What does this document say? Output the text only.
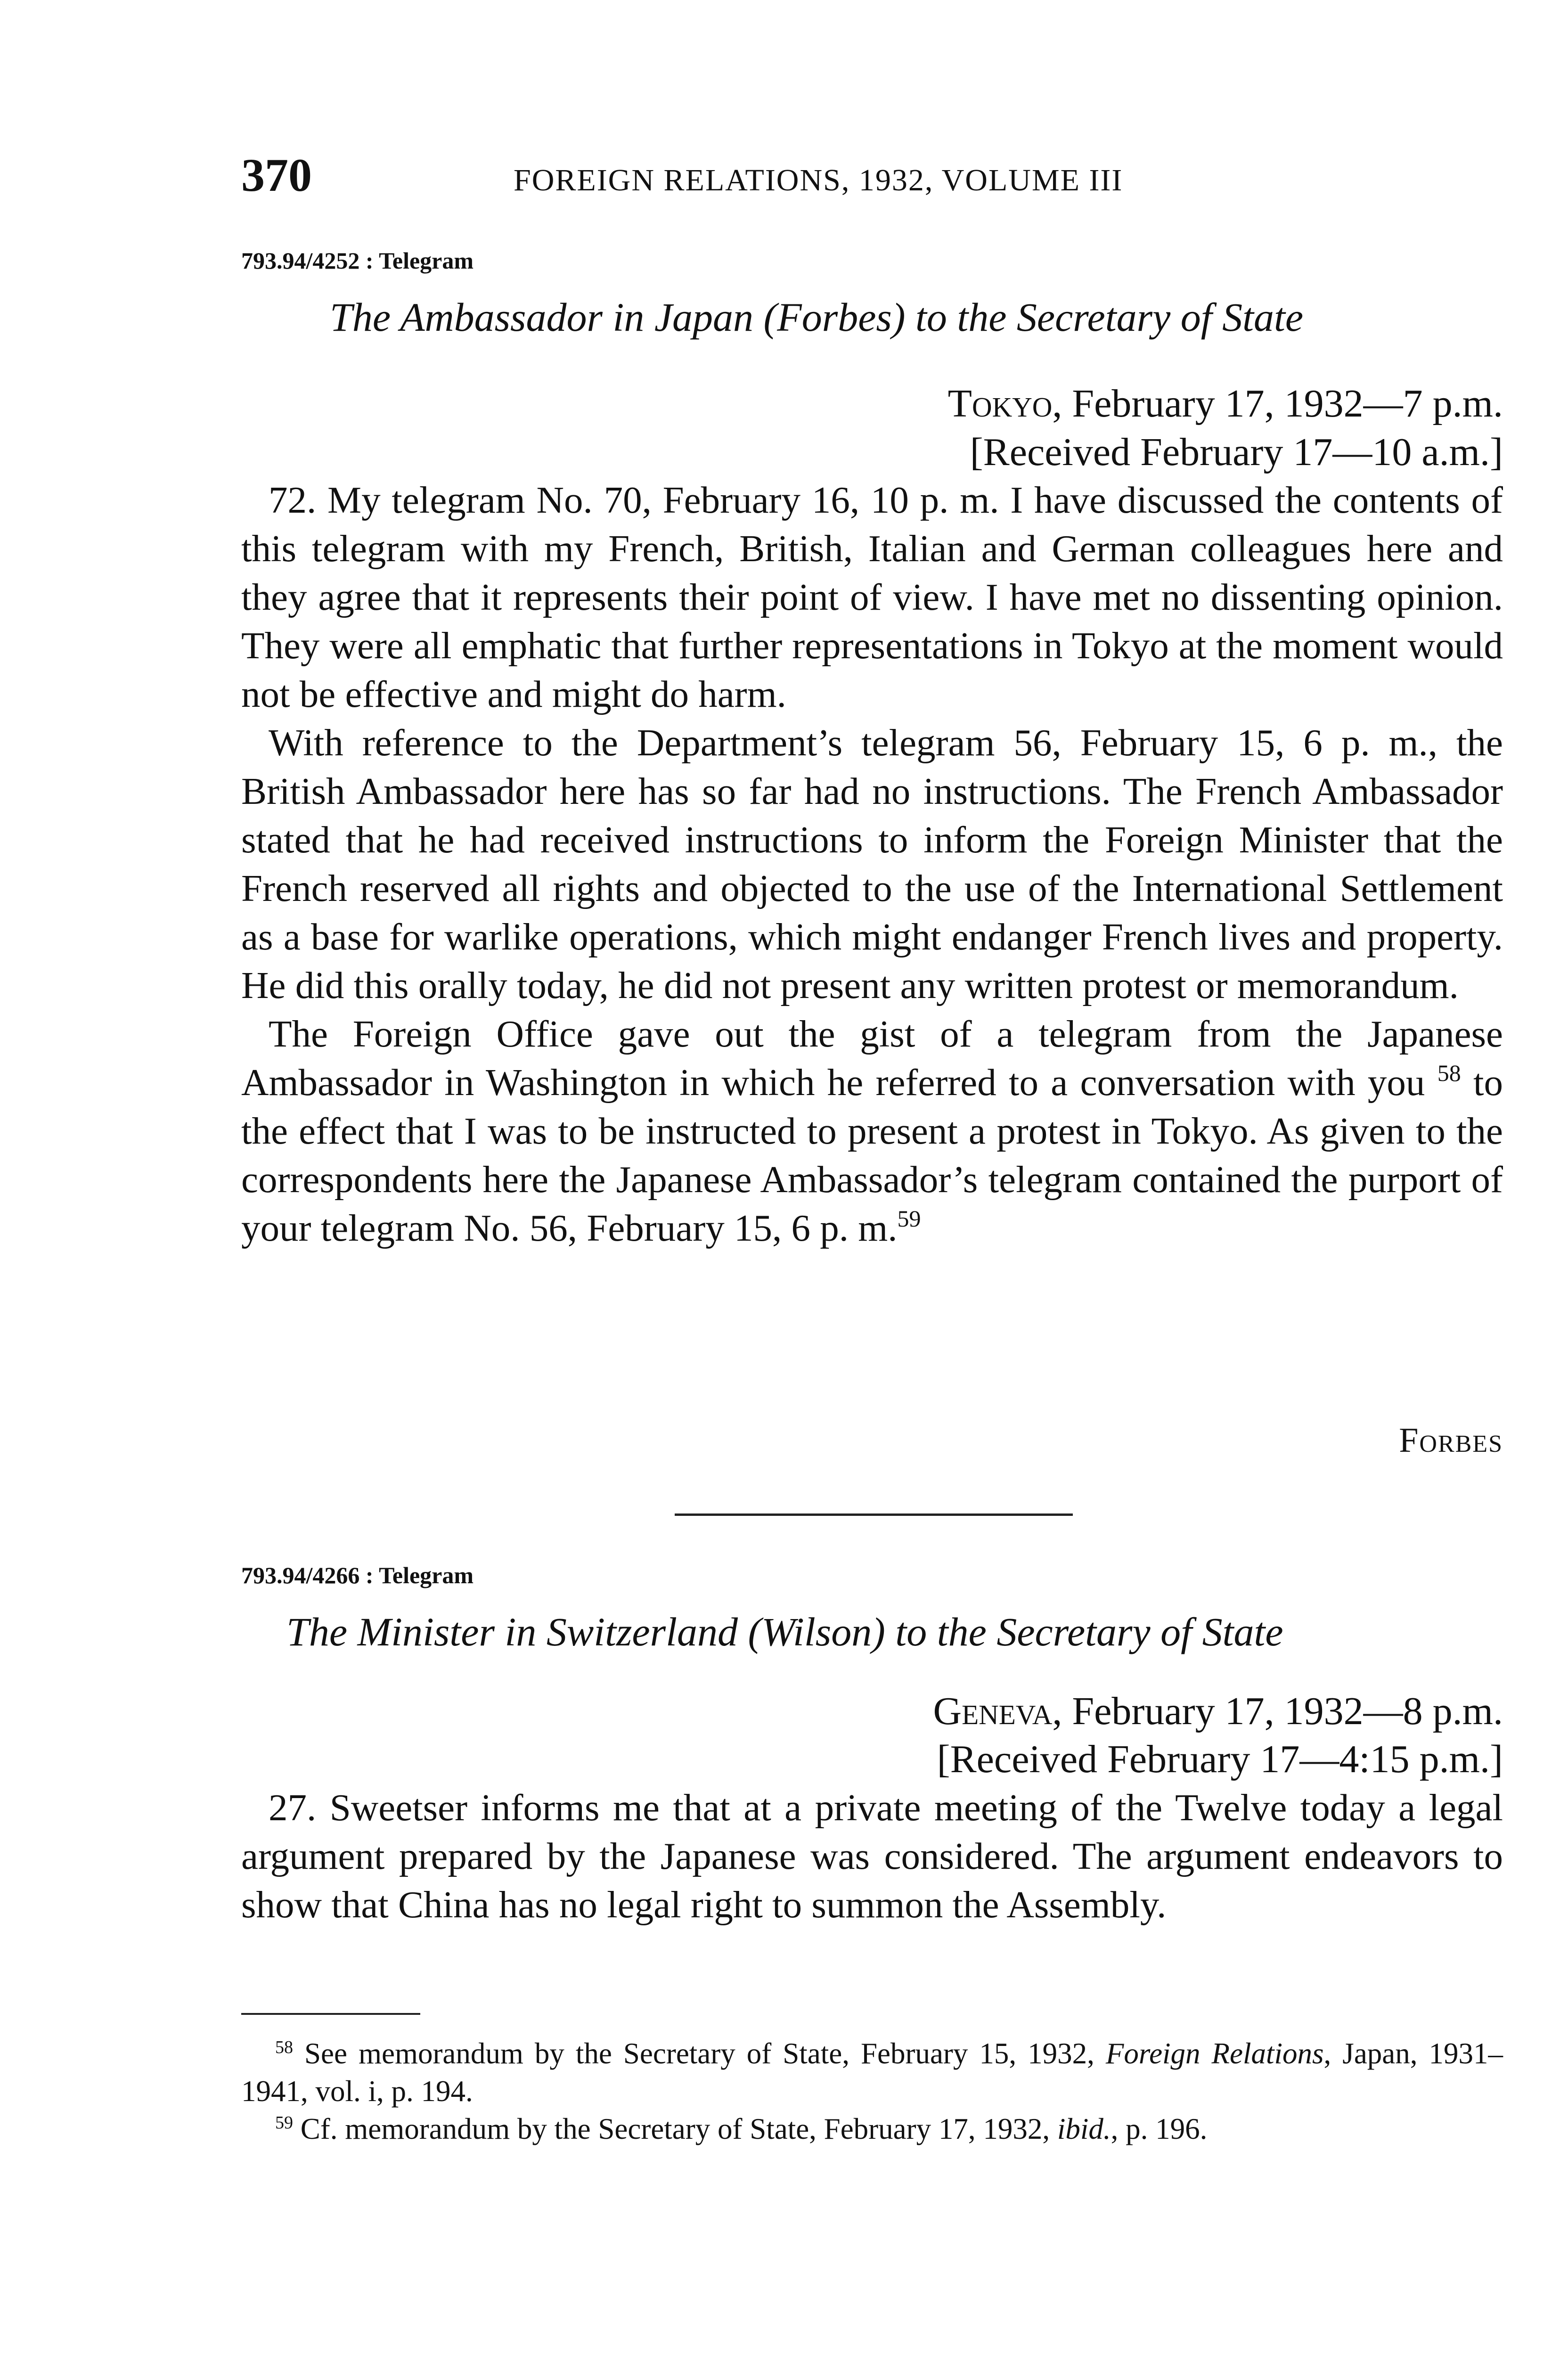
370	FOREIGN RELATIONS, 1932, VOLUME III
793.94/4252 : Telegram
The Ambassador in Japan (Forbes) to the Secretary of State
Tokyo, February 17, 1932—7 p.m.
[Received February 17—10 a.m.]

72. My telegram No. 70, February 16, 10 p. m. I have discussed the contents of this telegram with my French, British, Italian and German colleagues here and they agree that it represents their point of view. I have met no dissenting opinion. They were all emphatic that further representations in Tokyo at the moment would not be effective and might do harm.

With reference to the Department’s telegram 56, February 15, 6 p. m., the British Ambassador here has so far had no instructions. The French Ambassador stated that he had received instructions to inform the Foreign Minister that the French reserved all rights and objected to the use of the International Settlement as a base for warlike operations, which might endanger French lives and property. He did this orally today, he did not present any written protest or memorandum.

The Foreign Office gave out the gist of a telegram from the Japanese Ambassador in Washington in which he referred to a conversation with you $^{58}$ to the effect that I was to be instructed to present a protest in Tokyo. As given to the correspondents here the Japanese Ambassador’s telegram contained the purport of your telegram No. 56, February 15, 6 p. m.$^{59}$

Forbes
793.94/4266 : Telegram
The Minister in Switzerland (Wilson) to the Secretary of State
Geneva, February 17, 1932—8 p.m.
[Received February 17—4:15 p.m.]

27. Sweetser informs me that at a private meeting of the Twelve today a legal argument prepared by the Japanese was considered. The argument endeavors to show that China has no legal right to summon the Assembly.

$^{58}$ See memorandum by the Secretary of State, February 15, 1932, Foreign Relations, Japan, 1931–1941, vol. i, p. 194.

$^{59}$ Cf. memorandum by the Secretary of State, February 17, 1932, ibid., p. 196.
